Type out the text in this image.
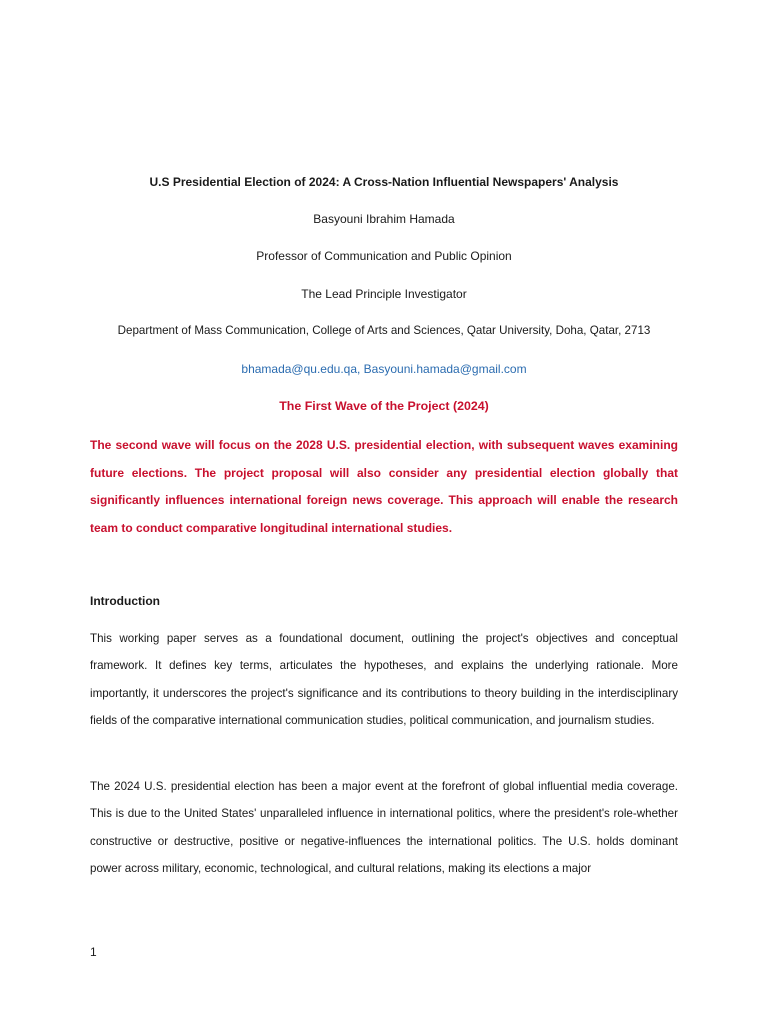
U.S Presidential Election of 2024: A Cross-Nation Influential Newspapers' Analysis
Basyouni Ibrahim Hamada
Professor of Communication and Public Opinion
The Lead Principle Investigator
Department of Mass Communication, College of Arts and Sciences, Qatar University, Doha, Qatar, 2713
bhamada@qu.edu.qa, Basyouni.hamada@gmail.com
The First Wave of the Project (2024)

The second wave will focus on the 2028 U.S. presidential election, with subsequent waves examining future elections. The project proposal will also consider any presidential election globally that significantly influences international foreign news coverage. This approach will enable the research team to conduct comparative longitudinal international studies.

Introduction

This working paper serves as a foundational document, outlining the project's objectives and conceptual framework. It defines key terms, articulates the hypotheses, and explains the underlying rationale. More importantly, it underscores the project's significance and its contributions to theory building in the interdisciplinary fields of the comparative international communication studies, political communication, and journalism studies.

The 2024 U.S. presidential election has been a major event at the forefront of global influential media coverage. This is due to the United States' unparalleled influence in international politics, where the president's role-whether constructive or destructive, positive or negative-influences the international politics. The U.S. holds dominant power across military, economic, technological, and cultural relations, making its elections a major

1
